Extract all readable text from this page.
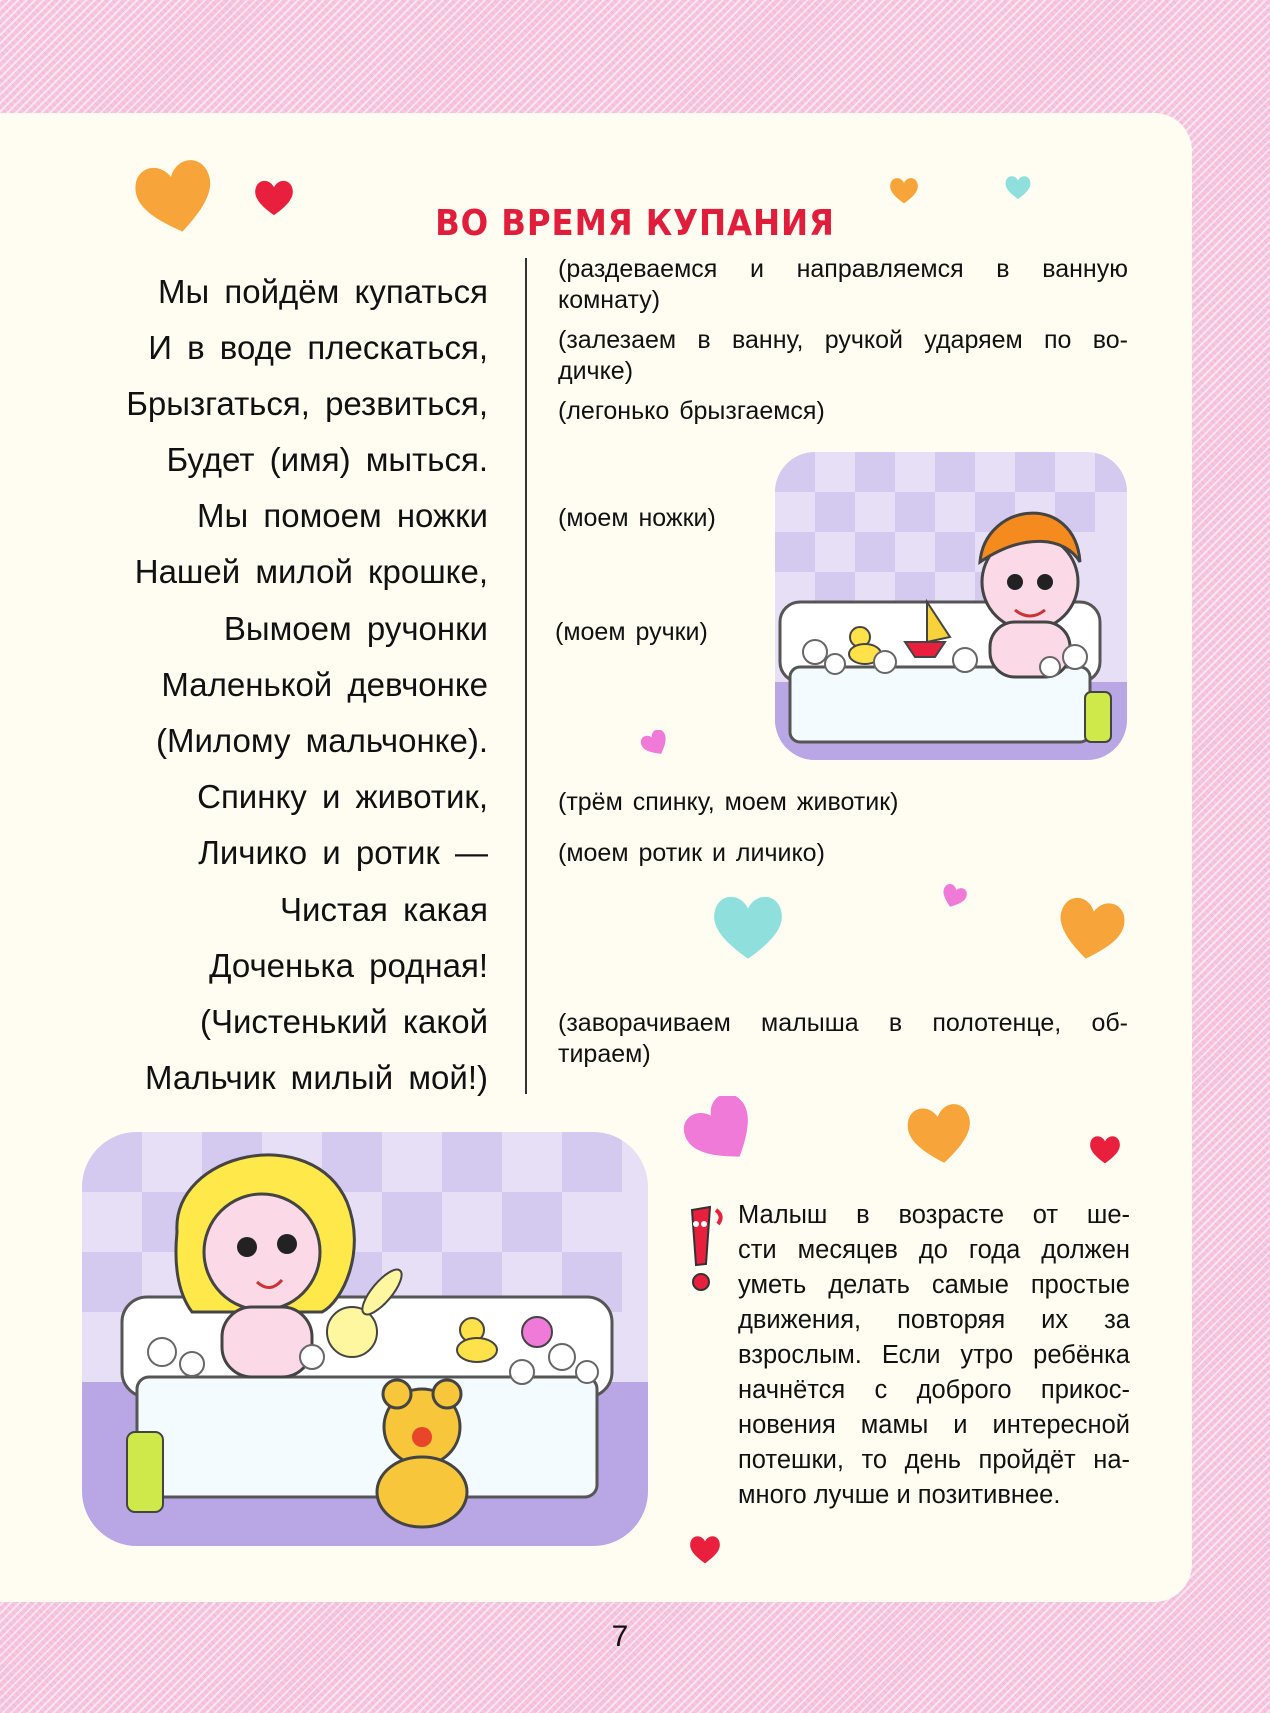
ВО ВРЕМЯ КУПАНИЯ
Мы пойдём купаться
И в воде плескаться,
Брызгаться, резвиться,
Будет (имя) мыться.
Мы помоем ножки
Нашей милой крошке,
Вымоем ручонки
Маленькой девчонке
(Милому мальчонке).
Спинку и животик,
Личико и ротик —
Чистая какая
Доченька родная!
(Чистенький какой
Мальчик милый мой!)
(раздеваемся и направляемся в ванную комнату)
(залезаем в ванну, ручкой ударяем по во-дичке)
(легонько брызгаемся)
(моем ножки)
(моем ручки)
(трём спинку, моем животик)
(моем ротик и личико)
(заворачиваем малыша в полотенце, об-тираем)
Малыш в возрасте от ше-
сти месяцев до года должен
уметь делать самые простые
движения, повторяя их за
взрослым. Если утро ребёнка
начнётся с доброго прикос-
новения мамы и интересной
потешки, то день пройдёт на-
много лучше и позитивнее.
7
